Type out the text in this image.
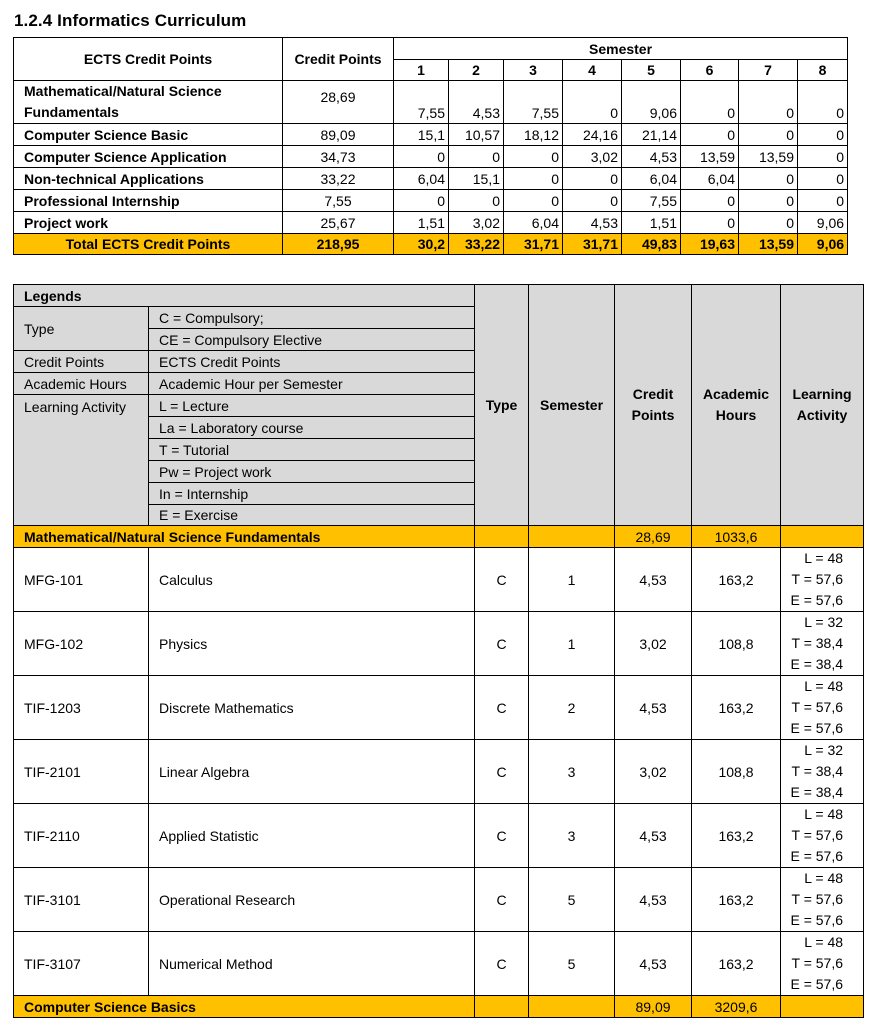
1.2.4 Informatics Curriculum
ECTS Credit Points	Credit Points	Semester							
		1	2	3	4	5	6	7	8
Mathematical/Natural Science Fundamentals	28,69	7,55	4,53	7,55	0	9,06	0	0	0
Computer Science Basic	89,09	15,1	10,57	18,12	24,16	21,14	0	0	0
Computer Science Application	34,73	0	0	0	3,02	4,53	13,59	13,59	0
Non-technical Applications	33,22	6,04	15,1	0	0	6,04	6,04	0	0
Professional Internship	7,55	0	0	0	0	7,55	0	0	0
Project work	25,67	1,51	3,02	6,04	4,53	1,51	0	0	9,06
Total ECTS Credit Points	218,95	30,2	33,22	31,71	31,71	49,83	19,63	13,59	9,06
Legends		Type	Semester	Credit Points	Academic Hours	Learning Activity
Type	C = Compulsory;					
	CE = Compulsory Elective					
Credit Points	ECTS Credit Points					
Academic Hours	Academic Hour per Semester					
Learning Activity	L = Lecture					
	La = Laboratory course					
	T = Tutorial					
	Pw = Project work					
	In = Internship					
	E = Exercise					
Mathematical/Natural Science Fundamentals				28,69	1033,6	
MFG-101	Calculus	C	1	4,53	163,2	L = 48
T = 57,6
E = 57,6

MFG-102	Physics	C	1	3,02	108,8	L = 32
T = 38,4
E = 38,4

TIF-1203	Discrete Mathematics	C	2	4,53	163,2	L = 48
T = 57,6
E = 57,6

TIF-2101	Linear Algebra	C	3	3,02	108,8	L = 32
T = 38,4
E = 38,4

TIF-2110	Applied Statistic	C	3	4,53	163,2	L = 48
T = 57,6
E = 57,6

TIF-3101	Operational Research	C	5	4,53	163,2	L = 48
T = 57,6
E = 57,6

TIF-3107	Numerical Method	C	5	4,53	163,2	L = 48
T = 57,6
E = 57,6

Computer Science Basics				89,09	3209,6	
